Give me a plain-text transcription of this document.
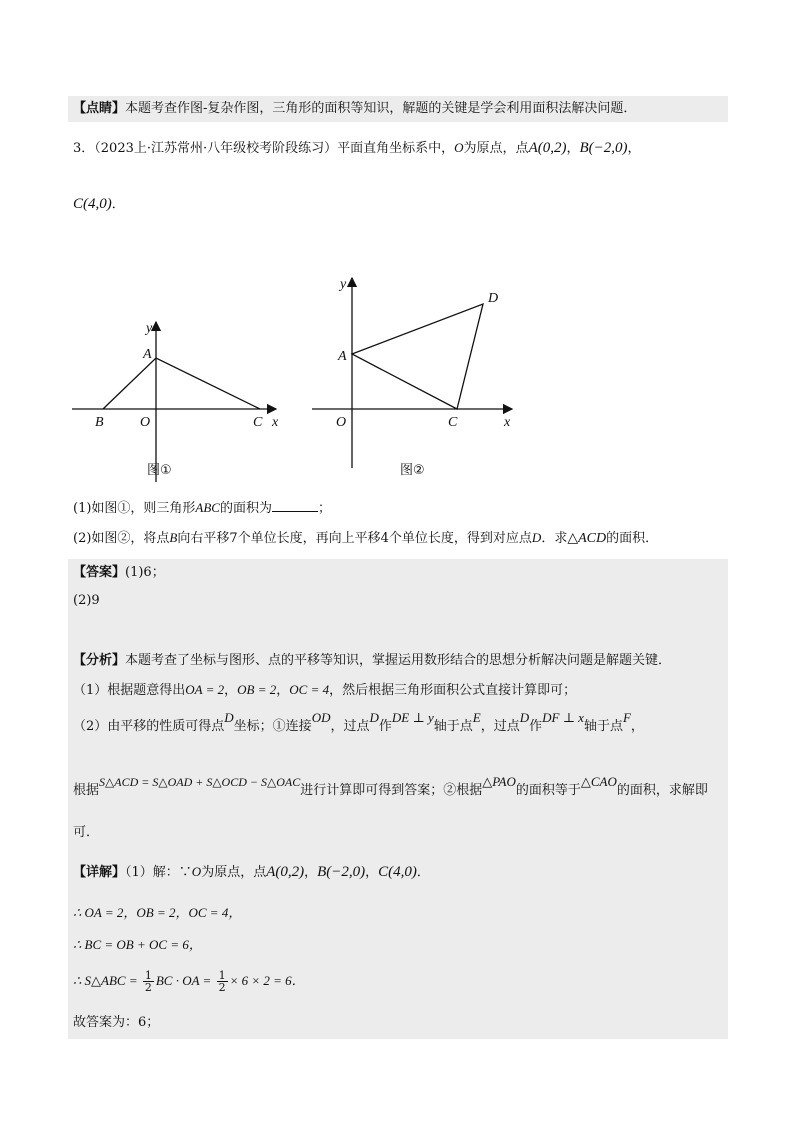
【点睛】本题考查作图-复杂作图，三角形的面积等知识，解题的关键是学会利用面积法解决问题．
3．（2023上·江苏常州·八年级校考阶段练习）平面直角坐标系中，O为原点，点A(0,2)，B(−2,0)，
C(4,0)．
y
A
B	O	C x
图①
y
A
D
O	C	x
图②
(1)如图①，则三角形ABC的面积为	；
(2)如图②，将点B向右平移7个单位长度，再向上平移4个单位长度，得到对应点D．求△ACD的面积．
【答案】(1)6；
(2)9
【分析】本题考查了坐标与图形、点的平移等知识，掌握运用数形结合的思想分析解决问题是解题关键．
（1）根据题意得出OA = 2，OB = 2，OC = 4，然后根据三角形面积公式直接计算即可；
（2）由平移的性质可得点D坐标；①连接OD，过点D作DE ⊥ y轴于点E，过点D作DF ⊥ x轴于点F，
根据S△ACD = S△OAD + S△OCD − S△OAC进行计算即可得到答案；②根据△PAO的面积等于△CAO的面积，求解即
可．
【详解】（1）解：∵O为原点，点A(0,2)，B(−2,0)，C(4,0)．
∴ OA = 2，OB = 2，OC = 4，
∴ BC = OB + OC = 6，
∴ S△ABC = $\frac{1}{2}$ BC · OA = $\frac{1}{2} \times 6 \times 2 = 6$．
故答案为：6；
